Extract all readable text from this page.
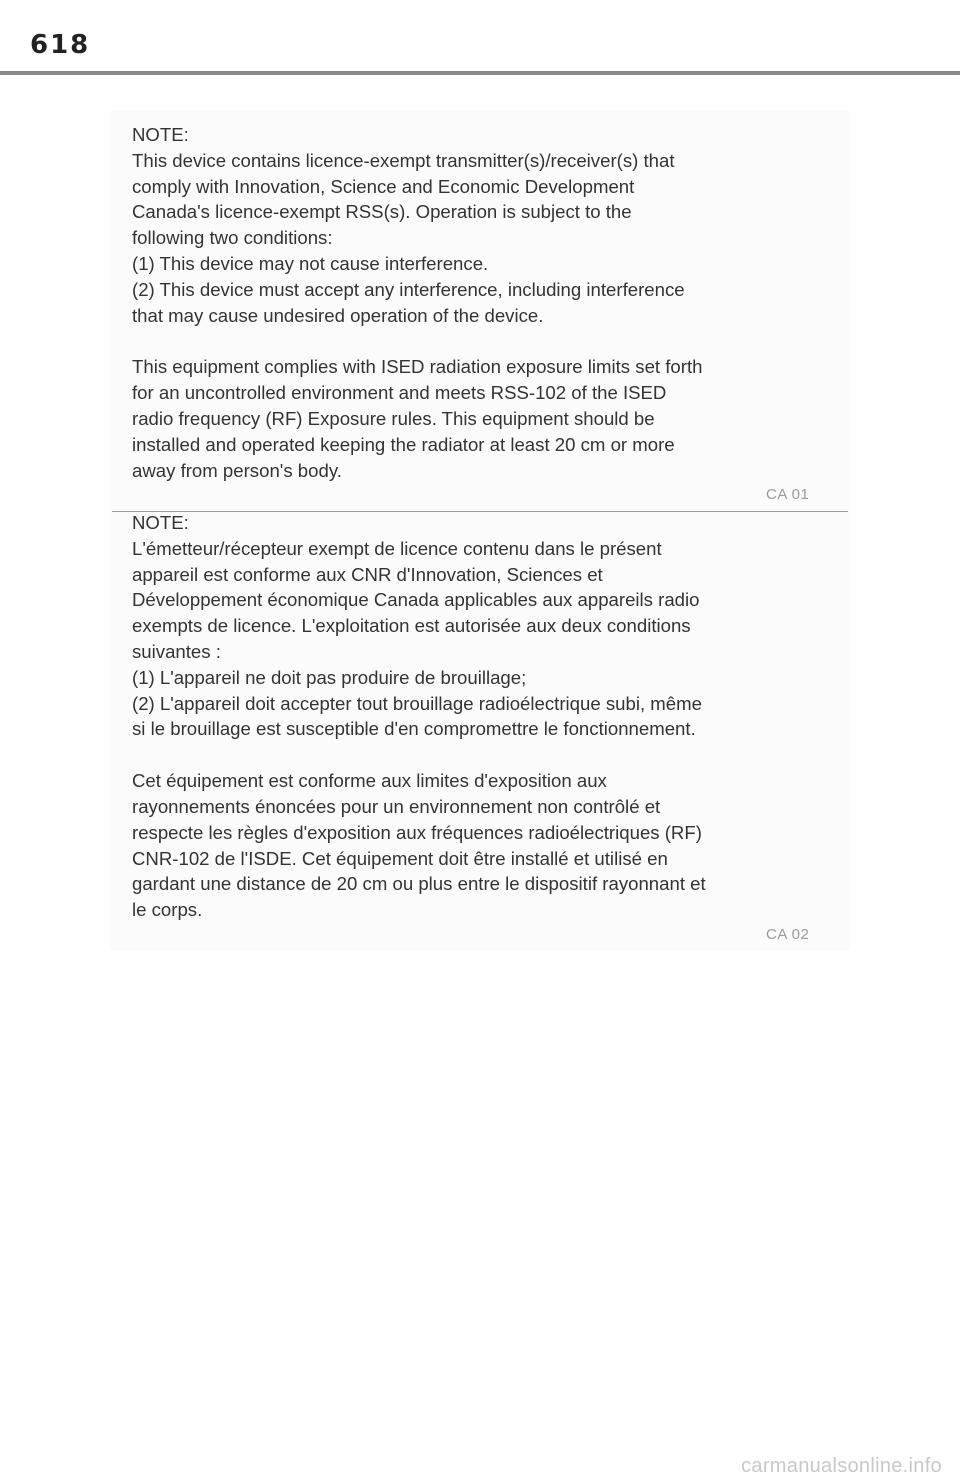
618

NOTE:
This device contains licence-exempt transmitter(s)/receiver(s) that
comply with Innovation, Science and Economic Development
Canada's licence-exempt RSS(s). Operation is subject to the
following two conditions:
(1) This device may not cause interference.
(2) This device must accept any interference, including interference
that may cause undesired operation of the device.

This equipment complies with ISED radiation exposure limits set forth
for an uncontrolled environment and meets RSS-102 of the ISED
radio frequency (RF) Exposure rules. This equipment should be
installed and operated keeping the radiator at least 20 cm or more
away from person's body.

CA 01

NOTE:
L'émetteur/récepteur exempt de licence contenu dans le présent
appareil est conforme aux CNR d'Innovation, Sciences et
Développement économique Canada applicables aux appareils radio
exempts de licence. L'exploitation est autorisée aux deux conditions
suivantes :
(1) L'appareil ne doit pas produire de brouillage;
(2) L'appareil doit accepter tout brouillage radioélectrique subi, même
si le brouillage est susceptible d'en compromettre le fonctionnement.

Cet équipement est conforme aux limites d'exposition aux
rayonnements énoncées pour un environnement non contrôlé et
respecte les règles d'exposition aux fréquences radioélectriques (RF)
CNR-102 de l'ISDE. Cet équipement doit être installé et utilisé en
gardant une distance de 20 cm ou plus entre le dispositif rayonnant et
le corps.

CA 02
carmanualsonline.info
